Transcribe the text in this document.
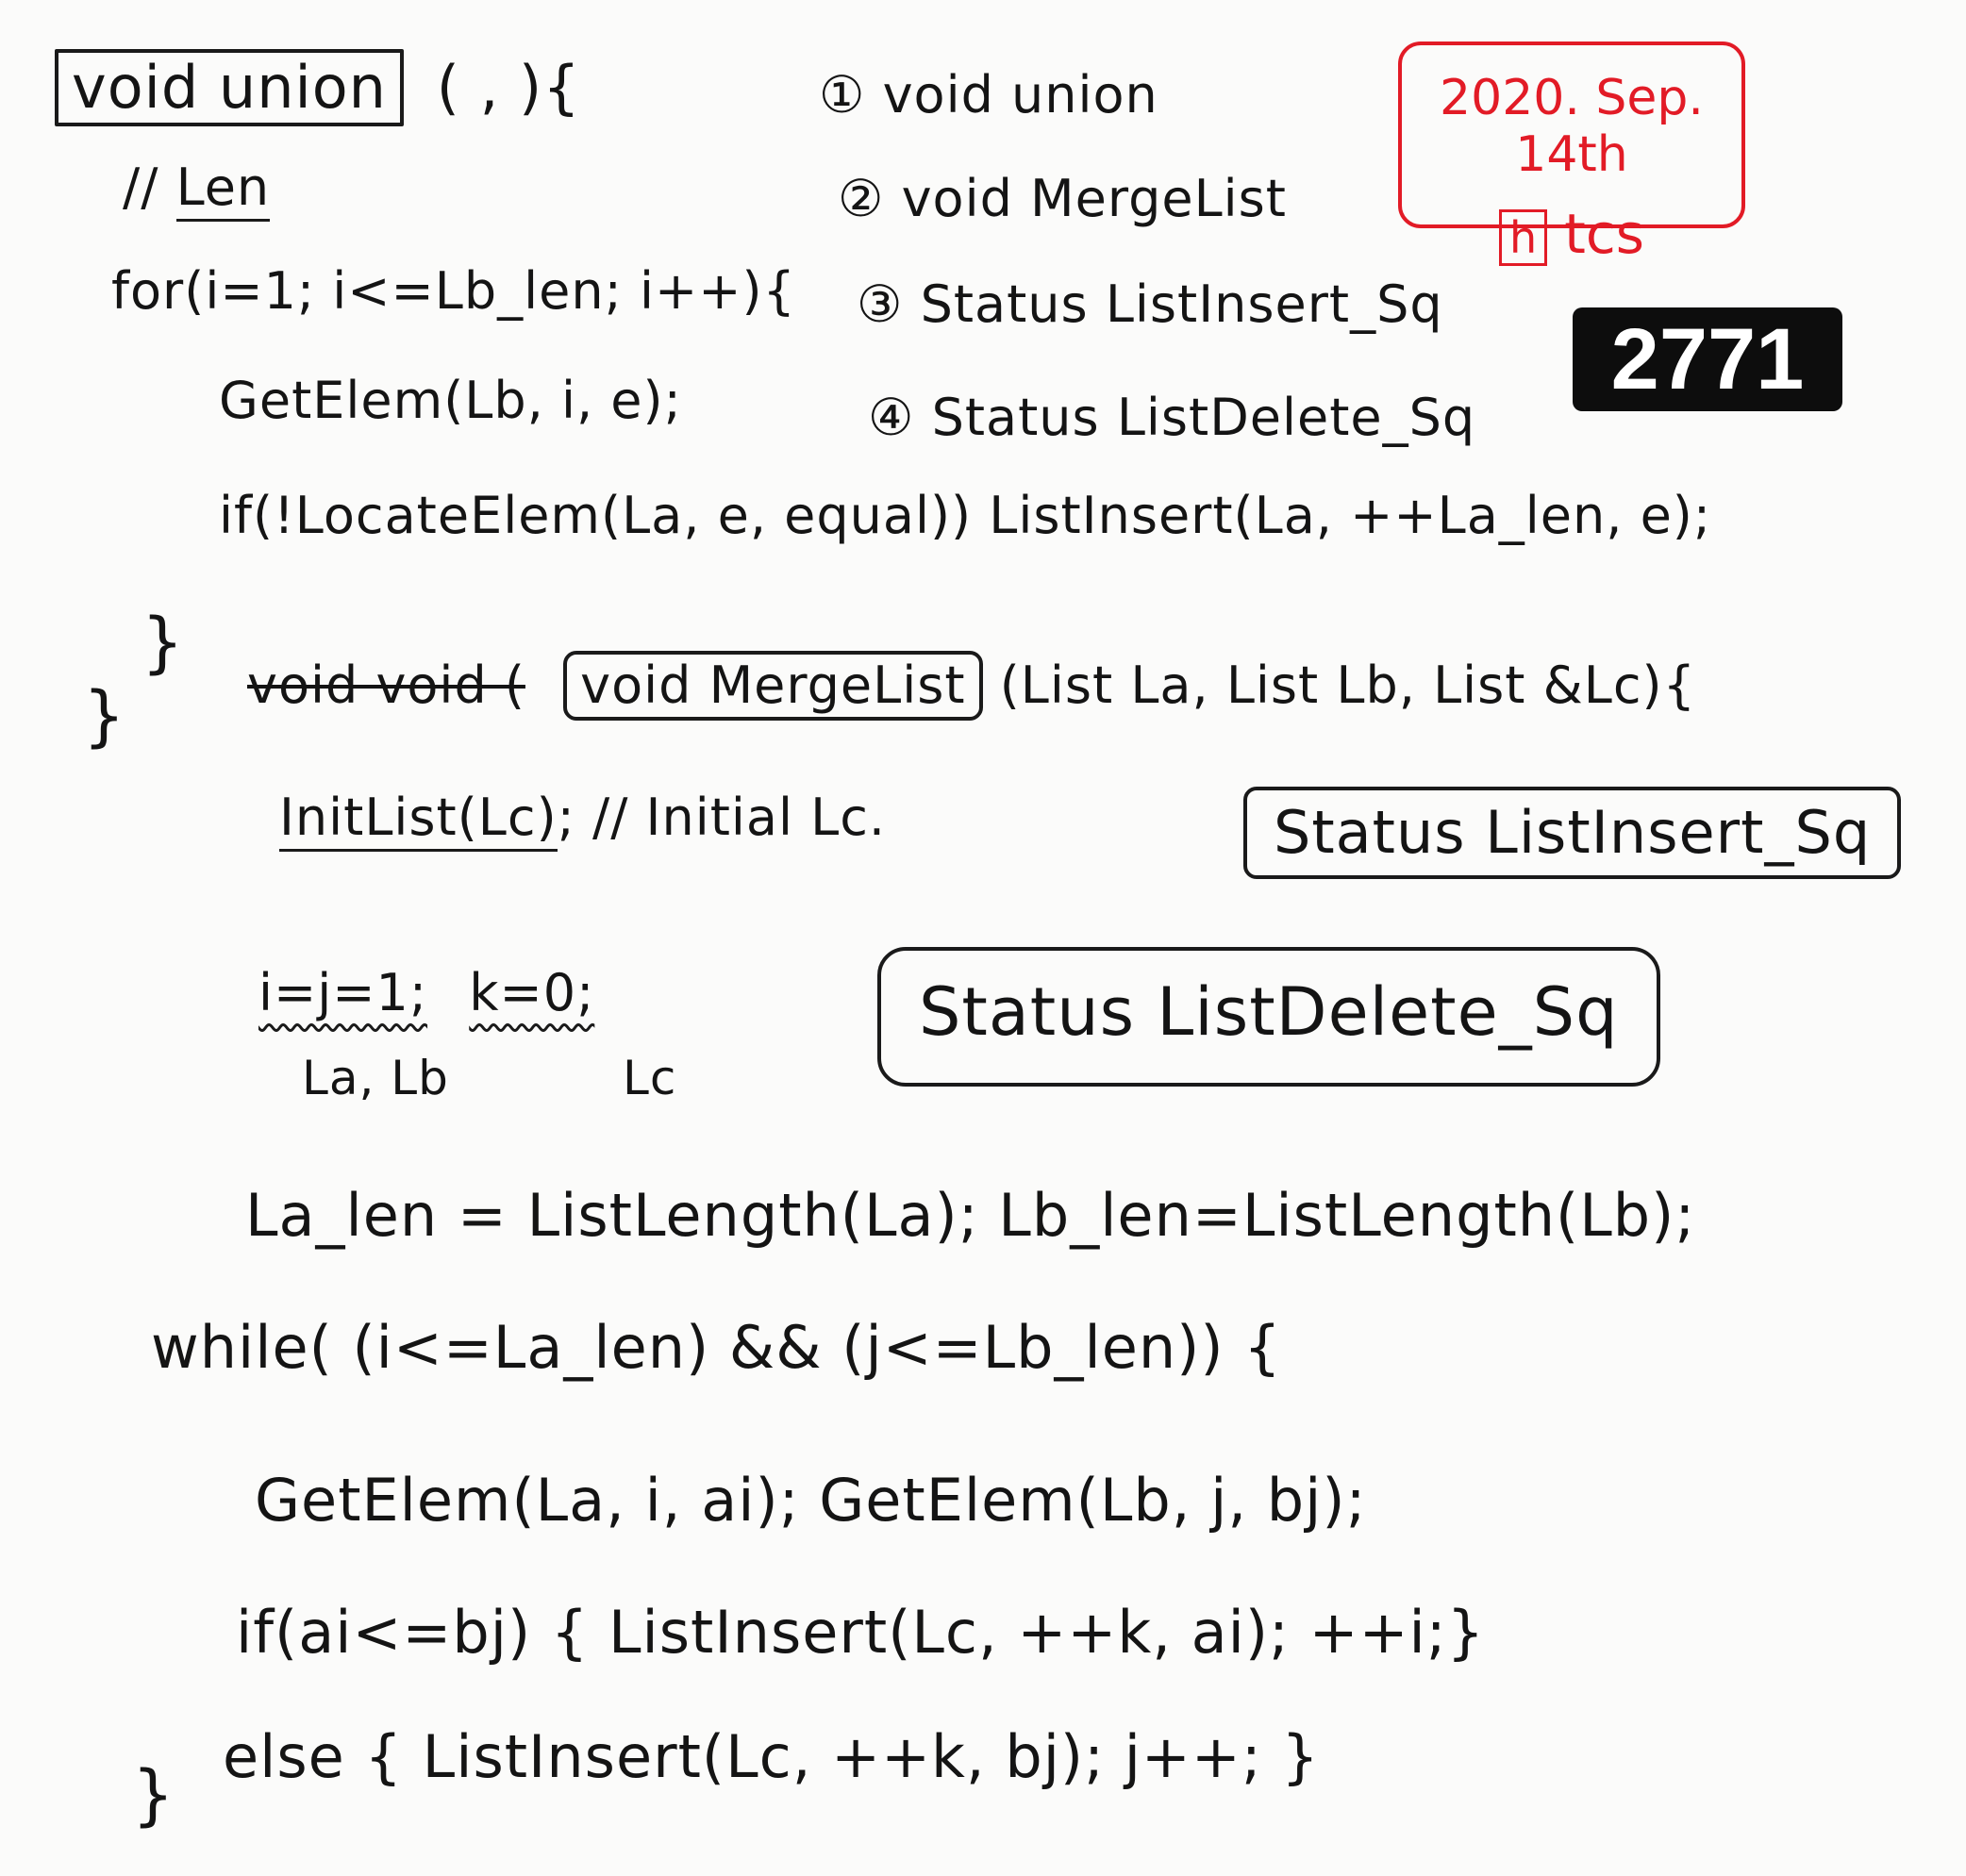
void union ( , ){
// Len
for(i=1; i<=Lb_len; i++){
GetElem(Lb, i, e);
if(!LocateElem(La, e, equal)) ListInsert(La, ++La_len, e);
}
} void void ( void MergeList (List La, List Lb, List &Lc){
InitList(Lc); // Initial Lc.
i=j=1; k=0;
La, Lb	Lc
La_len = ListLength(La); Lb_len=ListLength(Lb);
while( (i<=La_len) && (j<=Lb_len)) {
GetElem(La, i, ai); GetElem(Lb, j, bj);
if(ai<=bj) { ListInsert(Lc, ++k, ai); ++i;}
else { ListInsert(Lc, ++k, bj); j++; }
}
① void union
② void MergeList
③ Status ListInsert_Sq
④ Status ListDelete_Sq
Status ListInsert_Sq
Status ListDelete_Sq
2020. Sep. 14th
h tcs
2771
